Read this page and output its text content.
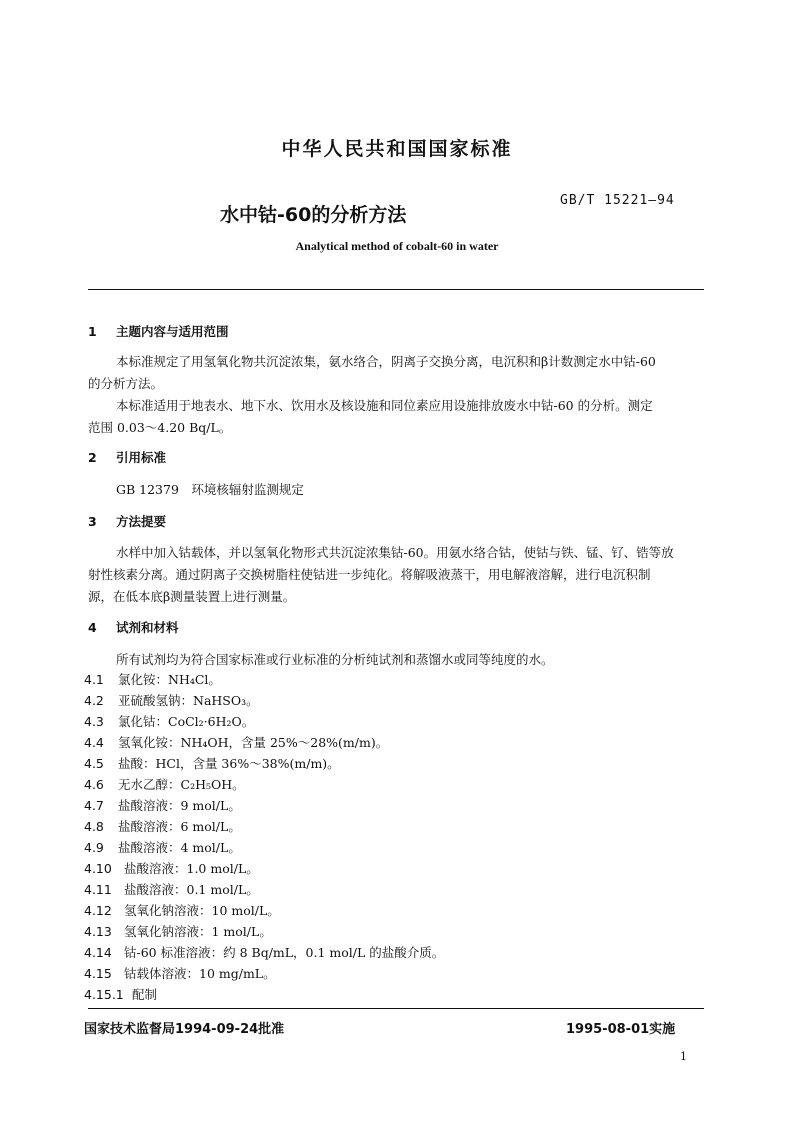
中华人民共和国国家标准
水中钴-60的分析方法
GB/T 15221—94
Analytical method of cobalt-60 in water
1 主题内容与适用范围
本标准规定了用氢氧化物共沉淀浓集，氨水络合，阴离子交换分离，电沉积和β计数测定水中钴-60
的分析方法。
本标准适用于地表水、地下水、饮用水及核设施和同位素应用设施排放废水中钴-60 的分析。测定
范围 0.03～4.20 Bq/L。
2 引用标准
GB 12379　环境核辐射监测规定
3 方法提要
水样中加入钴载体，并以氢氧化物形式共沉淀浓集钴-60。用氨水络合钴，使钴与铁、锰、钌、锆等放
射性核素分离。通过阴离子交换树脂柱使钴进一步纯化。将解吸液蒸干，用电解液溶解，进行电沉积制
源，在低本底β测量装置上进行测量。
4 试剂和材料
所有试剂均为符合国家标准或行业标准的分析纯试剂和蒸馏水或同等纯度的水。
4.1 氯化铵：NH₄Cl。
4.2 亚硫酸氢钠：NaHSO₃。
4.3 氯化钴：CoCl₂·6H₂O。
4.4 氢氧化铵：NH₄OH，含量 25%～28%(m/m)。
4.5 盐酸：HCl，含量 36%～38%(m/m)。
4.6 无水乙醇：C₂H₅OH。
4.7 盐酸溶液：9 mol/L。
4.8 盐酸溶液：6 mol/L。
4.9 盐酸溶液：4 mol/L。
4.10 盐酸溶液：1.0 mol/L。
4.11 盐酸溶液：0.1 mol/L。
4.12 氢氧化钠溶液：10 mol/L。
4.13 氢氧化钠溶液：1 mol/L。
4.14 钴-60 标准溶液：约 8 Bq/mL，0.1 mol/L 的盐酸介质。
4.15 钴载体溶液：10 mg/mL。
4.15.1 配制
国家技术监督局1994-09-24批准	1995-08-01实施
1
